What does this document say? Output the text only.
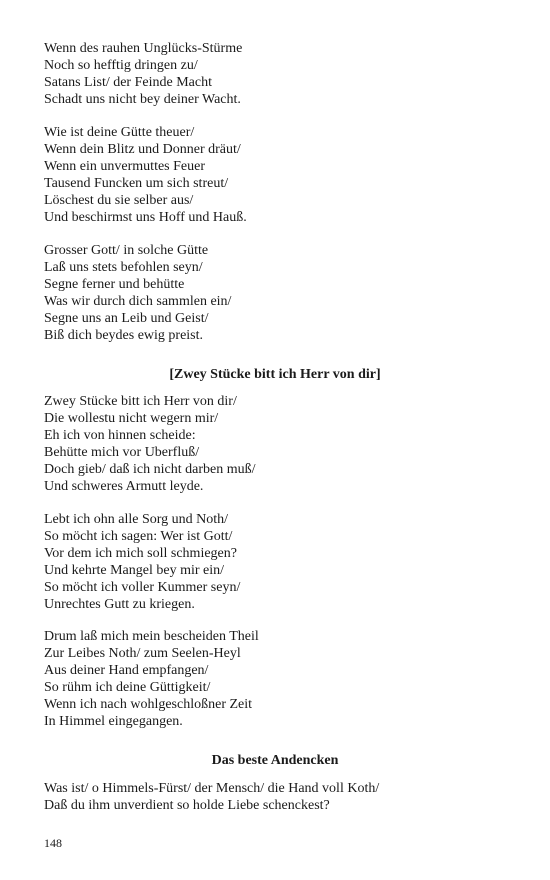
Wenn des rauhen Unglücks-Stürme
Noch so hefftig dringen zu/
Satans List/ der Feinde Macht
Schadt uns nicht bey deiner Wacht.
Wie ist deine Gütte theuer/
Wenn dein Blitz und Donner dräut/
Wenn ein unvermuttes Feuer
Tausend Funcken um sich streut/
Löschest du sie selber aus/
Und beschirmst uns Hoff und Hauß.
Grosser Gott/ in solche Gütte
Laß uns stets befohlen seyn/
Segne ferner und behütte
Was wir durch dich sammlen ein/
Segne uns an Leib und Geist/
Biß dich beydes ewig preist.
[Zwey Stücke bitt ich Herr von dir]
Zwey Stücke bitt ich Herr von dir/
Die wollestu nicht wegern mir/
Eh ich von hinnen scheide:
Behütte mich vor Uberfluß/
Doch gieb/ daß ich nicht darben muß/
Und schweres Armutt leyde.
Lebt ich ohn alle Sorg und Noth/
So möcht ich sagen: Wer ist Gott/
Vor dem ich mich soll schmiegen?
Und kehrte Mangel bey mir ein/
So möcht ich voller Kummer seyn/
Unrechtes Gutt zu kriegen.
Drum laß mich mein bescheiden Theil
Zur Leibes Noth/ zum Seelen-Heyl
Aus deiner Hand empfangen/
So rühm ich deine Güttigkeit/
Wenn ich nach wohlgeschloßner Zeit
In Himmel eingegangen.
Das beste Andencken
Was ist/ o Himmels-Fürst/ der Mensch/ die Hand voll Koth/
Daß du ihm unverdient so holde Liebe schenckest?
148
